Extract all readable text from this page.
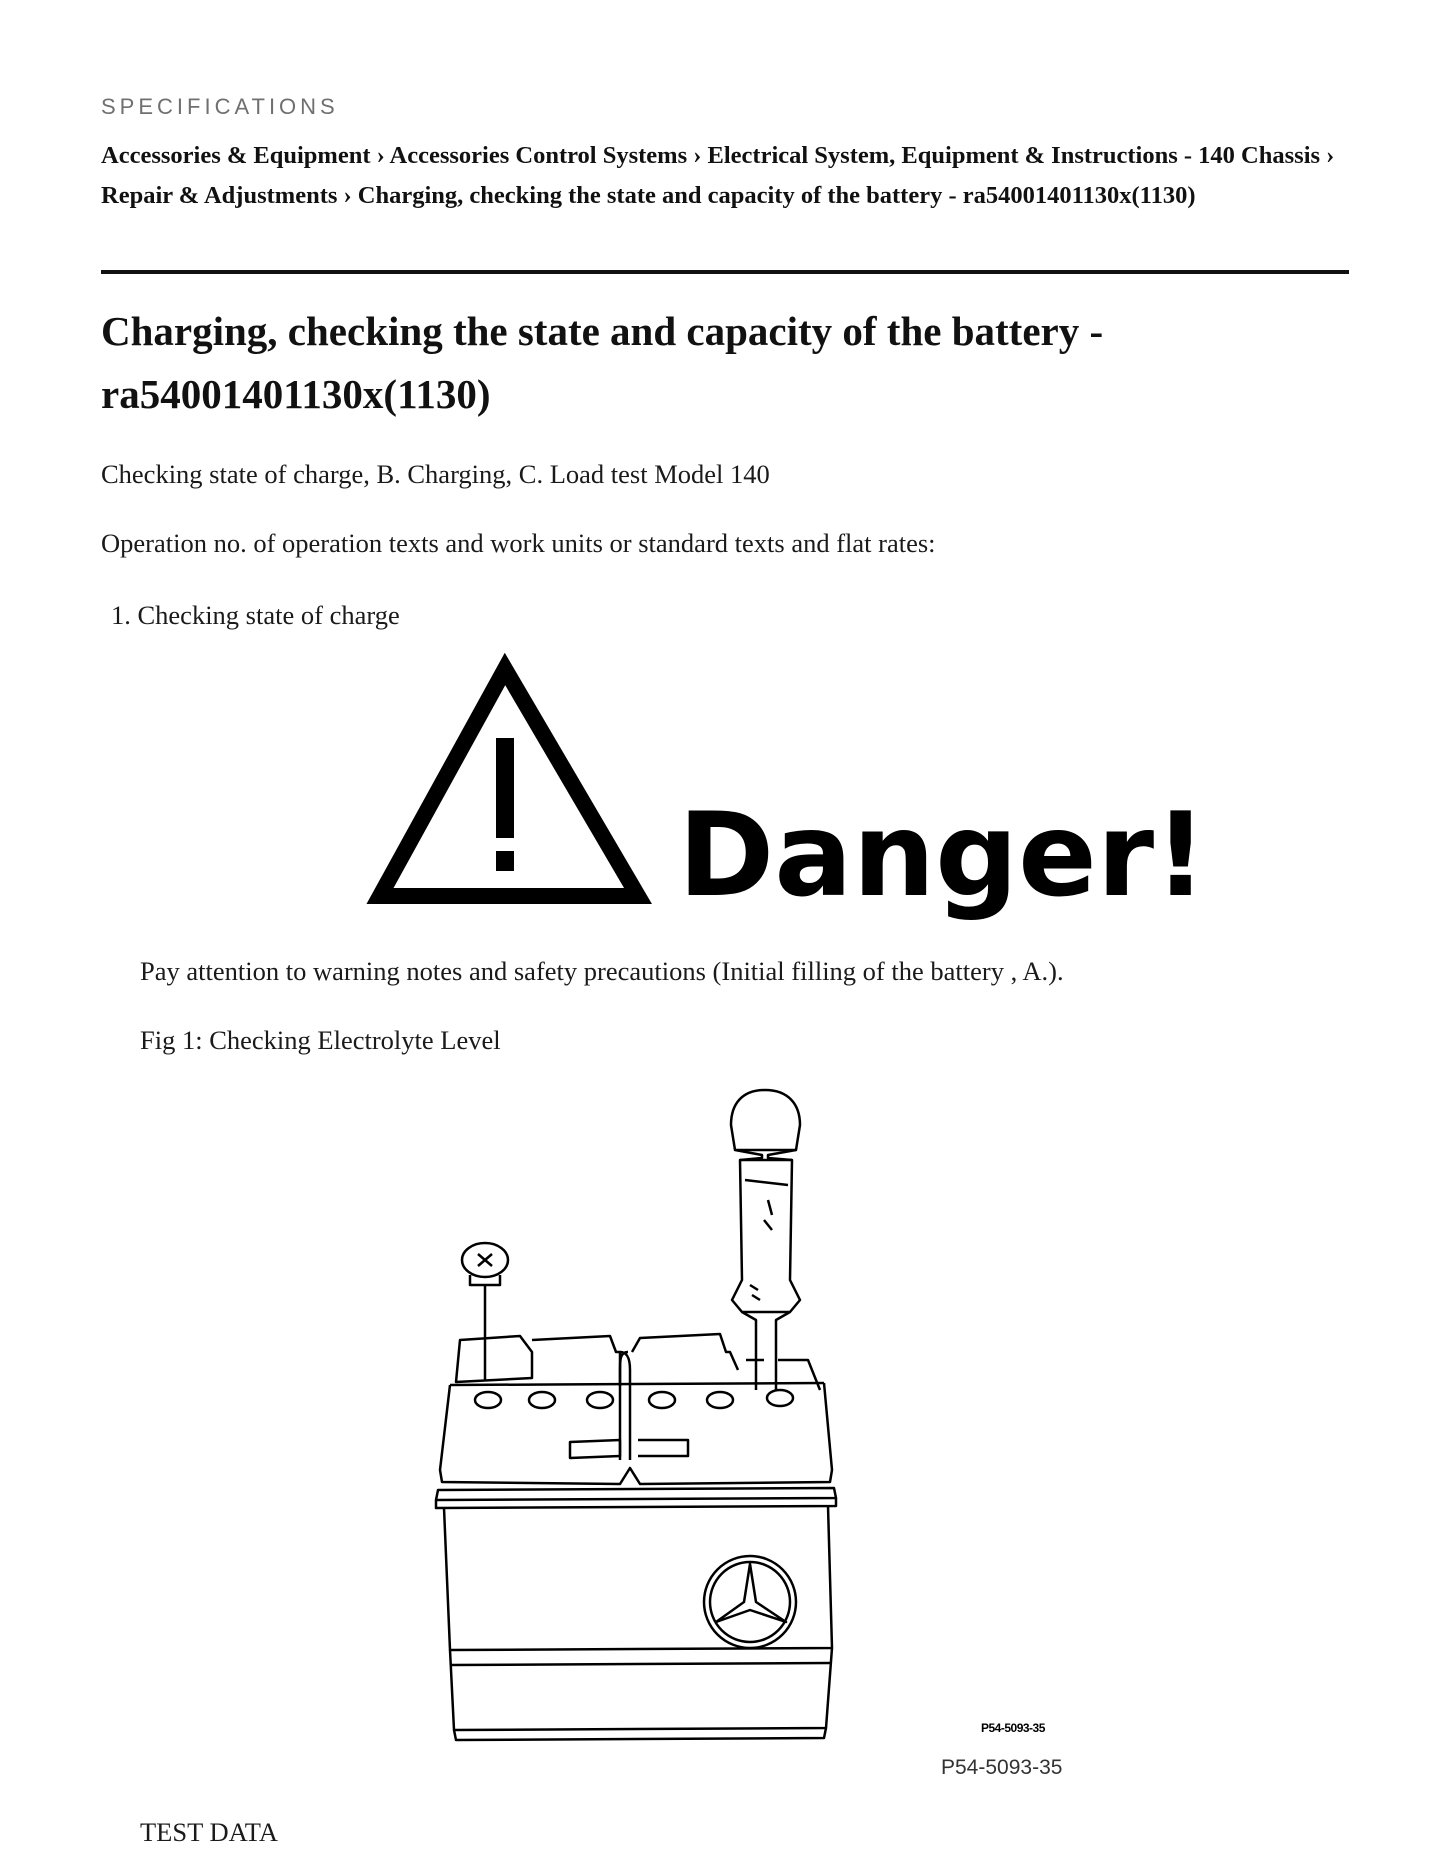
SPECIFICATIONS
Accessories & Equipment › Accessories Control Systems › Electrical System, Equipment & Instructions - 140 Chassis › Repair & Adjustments › Charging, checking the state and capacity of the battery - ra54001401130x(1130)
Charging, checking the state and capacity of the battery - ra54001401130x(1130)

Checking state of charge, B. Charging, C. Load test Model 140

Operation no. of operation texts and work units or standard texts and flat rates:

1. Checking state of charge
Danger!

Pay attention to warning notes and safety precautions (Initial filling of the battery , A.).

Fig 1: Checking Electrolyte Level

P54-5093-35
P54-5093-35

TEST DATA
